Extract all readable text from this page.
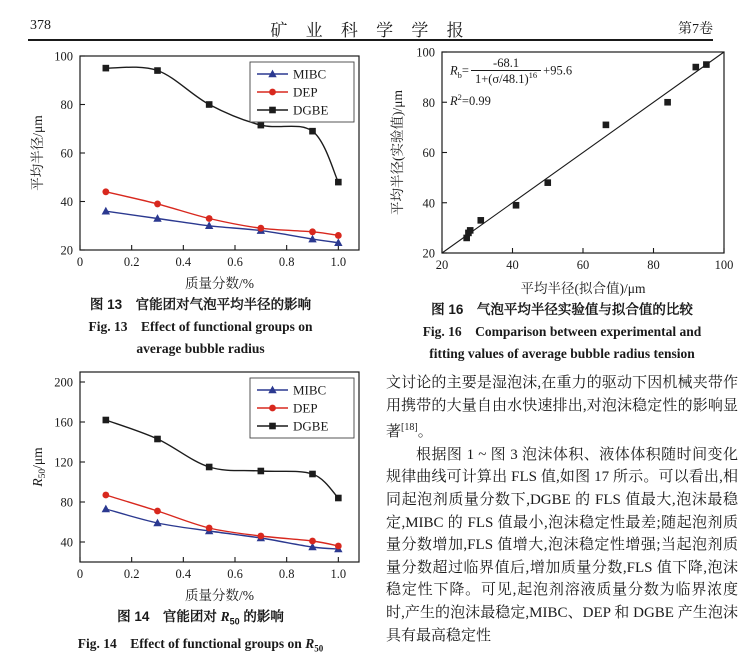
378	矿 业 科 学 学 报	第7卷
0	0.2	0.4	0.6	0.8	1.0
20
40
60
80
100
质量分数/%
平均半径/μm
MIBC
DEP
DGBE
图 13　官能团对气泡平均半径的影响
Fig. 13　Effect of functional groups on
average bubble radius
20	40	60	80	100
20
40
60
80
100
平均半径(拟合值)/μm
平均半径(实验值)/μm
$R_b= \frac{-68.1}{1+(\sigma/48.1)^{16}} +95.6$
$R^2=0.99$
图 16　气泡平均半径实验值与拟合值的比较
Fig. 16　Comparison between experimental and
fitting values of average bubble radius tension
0	0.2	0.4	0.6	0.8	1.0
40
80
120
160
200
质量分数/%
$R_{50}/\mu m$
MIBC
DEP
DGBE
图 14　官能团对 $R_{50}$ 的影响
Fig. 14　Effect of functional groups on $R_{50}$

文讨论的主要是湿泡沫,在重力的驱动下因机械夹带作用携带的大量自由水快速排出,对泡沫稳定性的影响显著[18]。

根据图 1 ~ 图 3 泡沫体积、液体体积随时间变化规律曲线可计算出 FLS 值,如图 17 所示。可以看出,相同起泡剂质量分数下,DGBE 的 FLS 值最大,泡沫最稳定,MIBC 的 FLS 值最小,泡沫稳定性最差;随起泡剂质量分数增加,FLS 值增大,泡沫稳定性增强;当起泡剂质量分数超过临界值后,增加质量分数,FLS 值下降,泡沫稳定性下降。可见,起泡剂溶液质量分数为临界浓度时,产生的泡沫最稳定,MIBC、DEP 和 DGBE 产生泡沫具有最高稳定性
